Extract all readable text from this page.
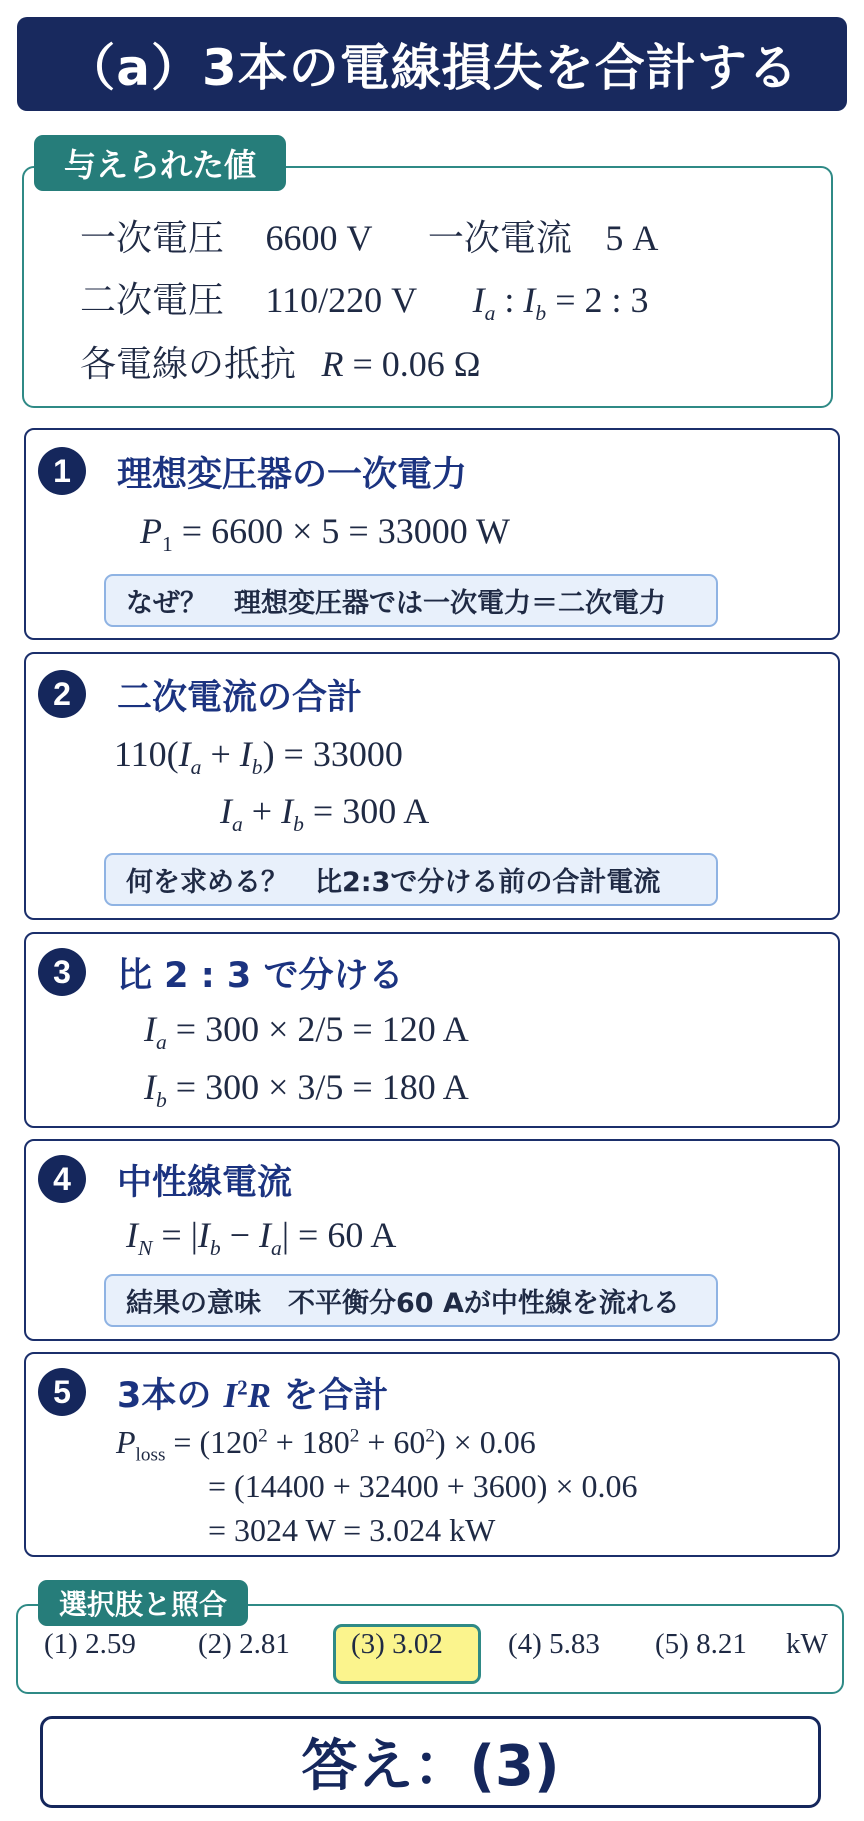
（a）3本の電線損失を合計する
与えられた値
一次電圧 6600 V 一次電流 5 A
二次電圧 110/220 V $I_a$ : $I_b = 2$ : 3
各電線の抵抗 R = 0.06 Ω
1	理想変圧器の一次電力
$P_1 = 6600 \times 5 = 33000$ W
なぜ？　理想変圧器では一次電力＝二次電力
2	二次電流の合計
$110(I_a + I_b) = 33000$
$I_a + I_b = 300$ A
何を求める？　比2:3で分ける前の合計電流
3	比 2 : 3 で分ける
$I_a = 300 \times 2/5 = 120$ A
$I_b = 300 \times 3/5 = 180$ A
4	中性線電流
$I_N = |I_b - I_a| = 60$ A
結果の意味　不平衡分60 Aが中性線を流れる
5	3本の $I^2R$ を合計
$P_{loss} = (120^2 + 180^2 + 60^2) \times 0.06$
= (14400 + 32400 + 3600) × 0.06
= 3024 W = 3.024 kW
選択肢と照合
(1) 2.59 (2) 2.81 (3) 3.02 (4) 5.83 (5) 8.21 kW
答え：(3)
